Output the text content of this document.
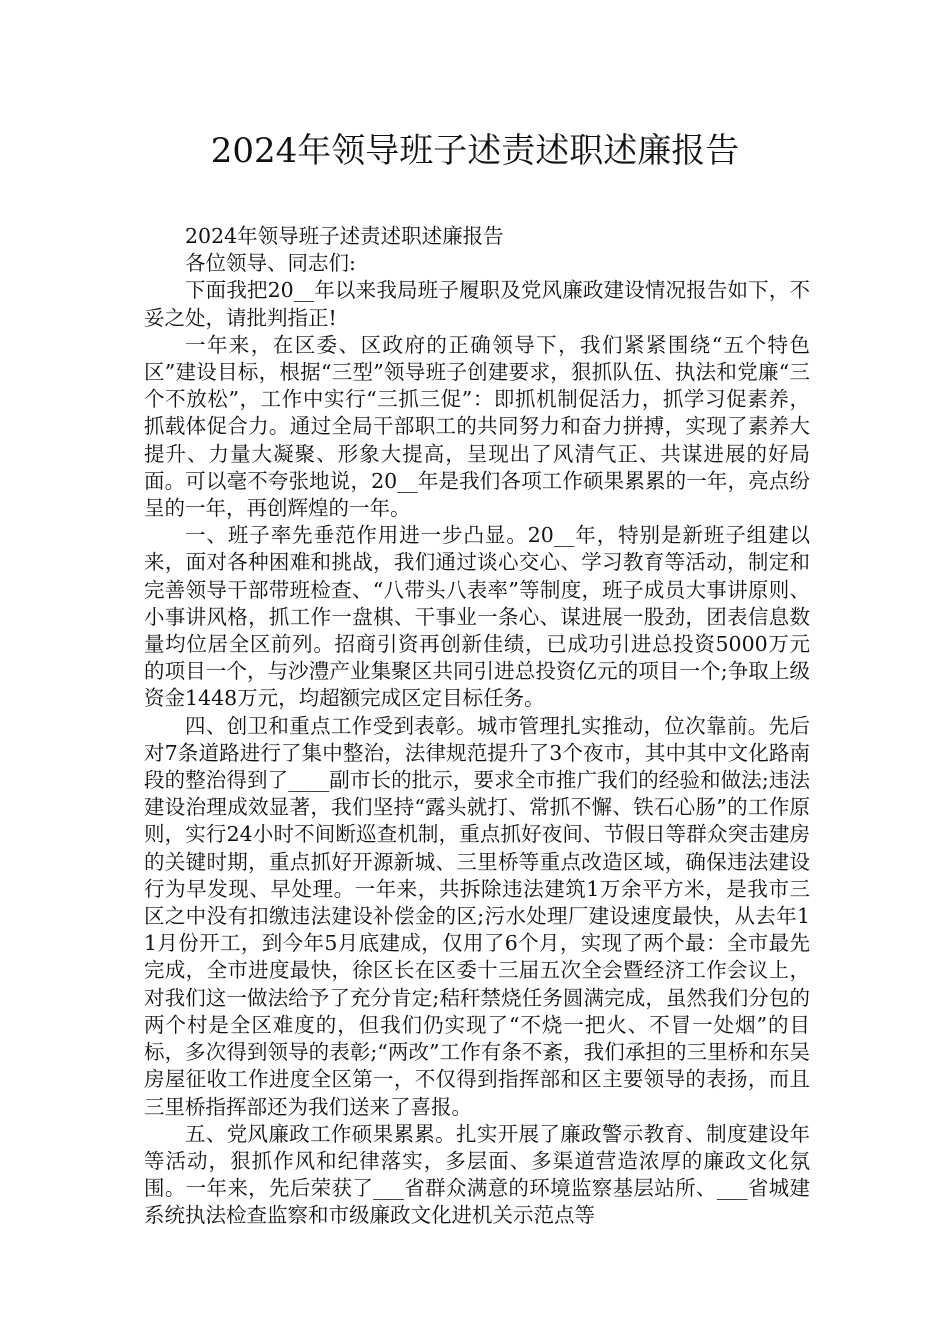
2024年领导班子述责述职述廉报告

2024年领导班子述责述职述廉报告

各位领导、同志们:

下面我把20__年以来我局班子履职及党风廉政建设情况报告如下，不妥之处，请批判指正!

一年来，在区委、区政府的正确领导下，我们紧紧围绕“五个特色区”建设目标，根据“三型”领导班子创建要求，狠抓队伍、执法和党廉“三个不放松”，工作中实行“三抓三促”：即抓机制促活力，抓学习促素养，抓载体促合力。通过全局干部职工的共同努力和奋力拼搏，实现了素养大提升、力量大凝聚、形象大提高，呈现出了风清气正、共谋进展的好局面。可以毫不夸张地说，20__年是我们各项工作硕果累累的一年，亮点纷呈的一年，再创辉煌的一年。

一、班子率先垂范作用进一步凸显。20__年，特别是新班子组建以来，面对各种困难和挑战，我们通过谈心交心、学习教育等活动，制定和完善领导干部带班检查、“八带头八表率”等制度，班子成员大事讲原则、小事讲风格，抓工作一盘棋、干事业一条心、谋进展一股劲，团表信息数量均位居全区前列。招商引资再创新佳绩，已成功引进总投资5000万元的项目一个，与沙澧产业集聚区共同引进总投资亿元的项目一个;争取上级资金1448万元，均超额完成区定目标任务。

四、创卫和重点工作受到表彰。城市管理扎实推动，位次靠前。先后对7条道路进行了集中整治，法律规范提升了3个夜市，其中其中文化路南段的整治得到了____副市长的批示，要求全市推广我们的经验和做法;违法建设治理成效显著，我们坚持“露头就打、常抓不懈、铁石心肠”的工作原则，实行24小时不间断巡查机制，重点抓好夜间、节假日等群众突击建房的关键时期，重点抓好开源新城、三里桥等重点改造区域，确保违法建设行为早发现、早处理。一年来，共拆除违法建筑1万余平方米，是我市三区之中没有扣缴违法建设补偿金的区;污水处理厂建设速度最快，从去年11月份开工，到今年5月底建成，仅用了6个月，实现了两个最：全市最先完成，全市进度最快，徐区长在区委十三届五次全会暨经济工作会议上，对我们这一做法给予了充分肯定;秸秆禁烧任务圆满完成，虽然我们分包的两个村是全区难度的，但我们仍实现了“不烧一把火、不冒一处烟”的目标，多次得到领导的表彰;“两改”工作有条不紊，我们承担的三里桥和东吴房屋征收工作进度全区第一，不仅得到指挥部和区主要领导的表扬，而且三里桥指挥部还为我们送来了喜报。

五、党风廉政工作硕果累累。扎实开展了廉政警示教育、制度建设年等活动，狠抓作风和纪律落实，多层面、多渠道营造浓厚的廉政文化氛围。一年来，先后荣获了___省群众满意的环境监察基层站所、___省城建系统执法检查监察和市级廉政文化进机关示范点等
